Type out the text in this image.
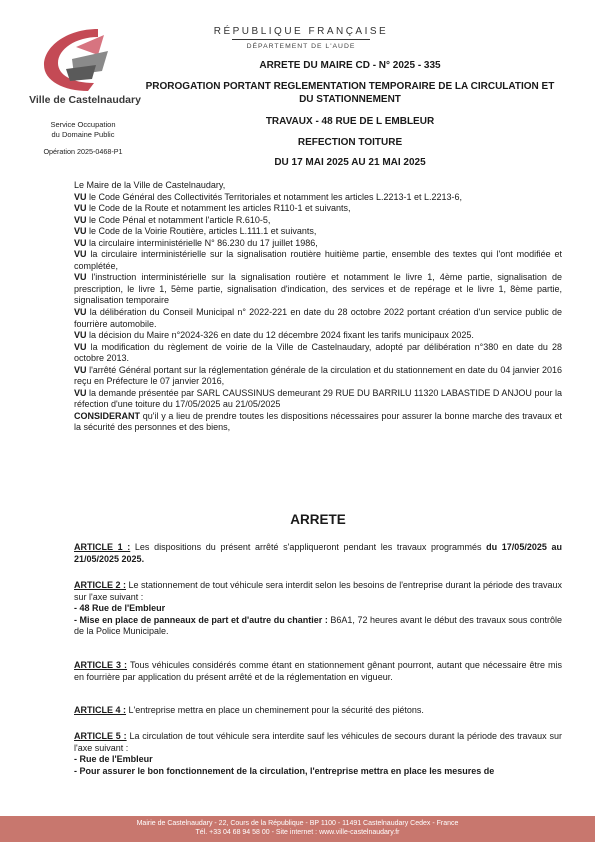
Ville de Castelnaudary
Service Occupation
du Domaine Public
Opération 2025-0468-P1
RÉPUBLIQUE FRANÇAISE
DÉPARTEMENT DE L'AUDE
ARRETE DU MAIRE CD - N° 2025 - 335
PROROGATION PORTANT REGLEMENTATION TEMPORAIRE DE LA CIRCULATION ET
DU STATIONNEMENT
TRAVAUX - 48 RUE DE L EMBLEUR
REFECTION TOITURE
DU 17 MAI 2025 AU 21 MAI 2025

Le Maire de la Ville de Castelnaudary,

VU le Code Général des Collectivités Territoriales et notamment les articles L.2213-1 et L.2213-6,

VU le Code de la Route et notamment les articles R110-1 et suivants,

VU le Code Pénal et notamment l'article R.610-5,

VU le Code de la Voirie Routière, articles L.111.1 et suivants,

VU la circulaire interministérielle N° 86.230 du 17 juillet 1986,

VU la circulaire interministérielle sur la signalisation routière huitième partie, ensemble des textes qui l'ont modifiée et complétée,

VU l'instruction interministérielle sur la signalisation routière et notamment le livre 1, 4ème partie, signalisation de prescription, le livre 1, 5ème partie, signalisation d'indication, des services et de repérage et le livre 1, 8ème partie, signalisation temporaire

VU la délibération du Conseil Municipal n° 2022-221 en date du 28 octobre 2022 portant création d'un service public de fourrière automobile.

VU la décision du Maire n°2024-326 en date du 12 décembre 2024 fixant les tarifs municipaux 2025.

VU la modification du règlement de voirie de la Ville de Castelnaudary, adopté par délibération n°380 en date du 28 octobre 2013.

VU l'arrêté Général portant sur la réglementation générale de la circulation et du stationnement en date du 04 janvier 2016 reçu en Préfecture le 07 janvier 2016,

VU la demande présentée par SARL CAUSSINUS demeurant 29 RUE DU BARRILU 11320 LABASTIDE D ANJOU pour la réfection d'une toiture du 17/05/2025 au 21/05/2025

CONSIDERANT qu'il y a lieu de prendre toutes les dispositions nécessaires pour assurer la bonne marche des travaux et la sécurité des personnes et des biens,

ARRETE

ARTICLE 1 : Les dispositions du présent arrêté s'appliqueront pendant les travaux programmés du 17/05/2025 au 21/05/2025 2025.

ARTICLE 2 : Le stationnement de tout véhicule sera interdit selon les besoins de l'entreprise durant la période des travaux sur l'axe suivant :

- 48 Rue de l'Embleur

- Mise en place de panneaux de part et d'autre du chantier : B6A1, 72 heures avant le début des travaux sous contrôle de la Police Municipale.

ARTICLE 3 : Tous véhicules considérés comme étant en stationnement gênant pourront, autant que nécessaire être mis en fourrière par application du présent arrêté et de la réglementation en vigueur.

ARTICLE 4 : L'entreprise mettra en place un cheminement pour la sécurité des piétons.

ARTICLE 5 : La circulation de tout véhicule sera interdite sauf les véhicules de secours durant la période des travaux sur l'axe suivant :

- Rue de l'Embleur

- Pour assurer le bon fonctionnement de la circulation, l'entreprise mettra en place les mesures de

Mairie de Castelnaudary - 22, Cours de la République - BP 1100 - 11491 Castelnaudary Cedex - France
Tél. +33 04 68 94 58 00 - Site internet : www.ville-castelnaudary.fr
